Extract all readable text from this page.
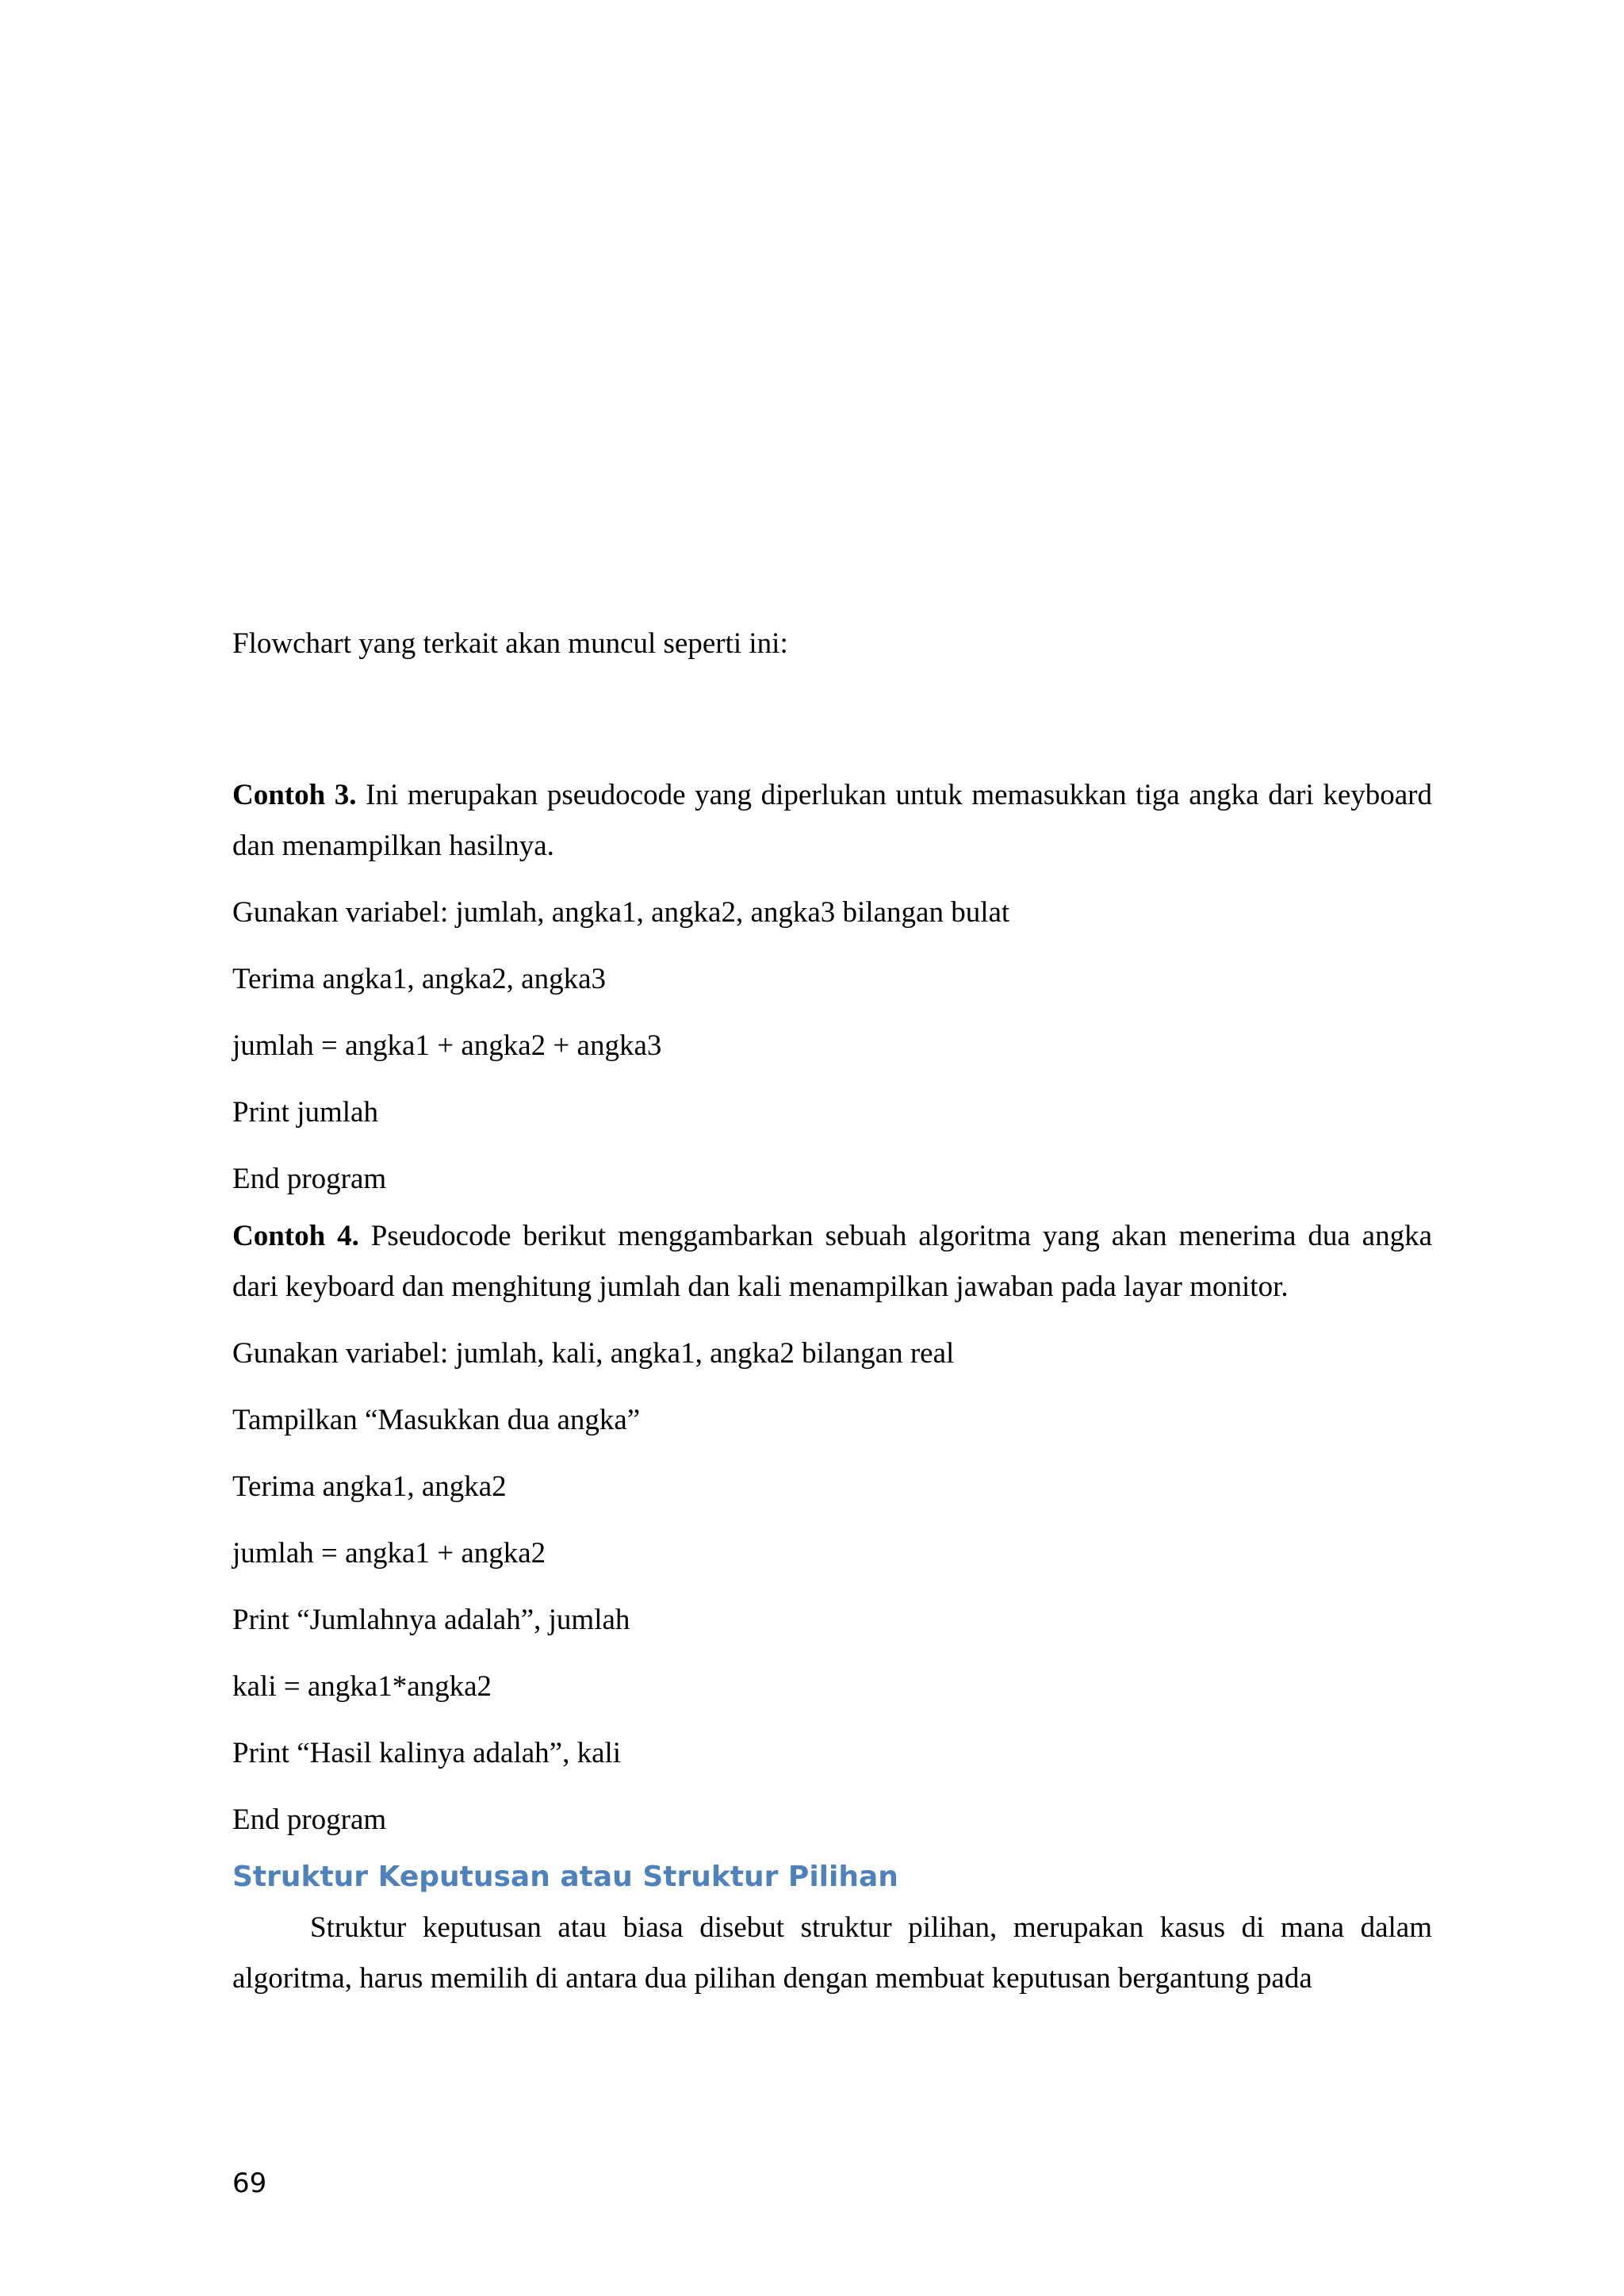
Flowchart yang terkait akan muncul seperti ini:

Contoh 3. Ini merupakan pseudocode yang diperlukan untuk memasukkan tiga angka dari keyboard dan menampilkan hasilnya.

Gunakan variabel: jumlah, angka1, angka2, angka3 bilangan bulat

Terima angka1, angka2, angka3

jumlah = angka1 + angka2 + angka3

Print jumlah

End program

Contoh 4. Pseudocode berikut menggambarkan sebuah algoritma yang akan menerima dua angka dari keyboard dan menghitung jumlah dan kali menampilkan jawaban pada layar monitor.

Gunakan variabel: jumlah, kali, angka1, angka2 bilangan real

Tampilkan “Masukkan dua angka”

Terima angka1, angka2

jumlah = angka1 + angka2

Print “Jumlahnya adalah”, jumlah

kali = angka1*angka2

Print “Hasil kalinya adalah”, kali

End program

Struktur Keputusan atau Struktur Pilihan

Struktur keputusan atau biasa disebut struktur pilihan, merupakan kasus di mana dalam algoritma, harus memilih di antara dua pilihan dengan membuat keputusan bergantung pada

69
